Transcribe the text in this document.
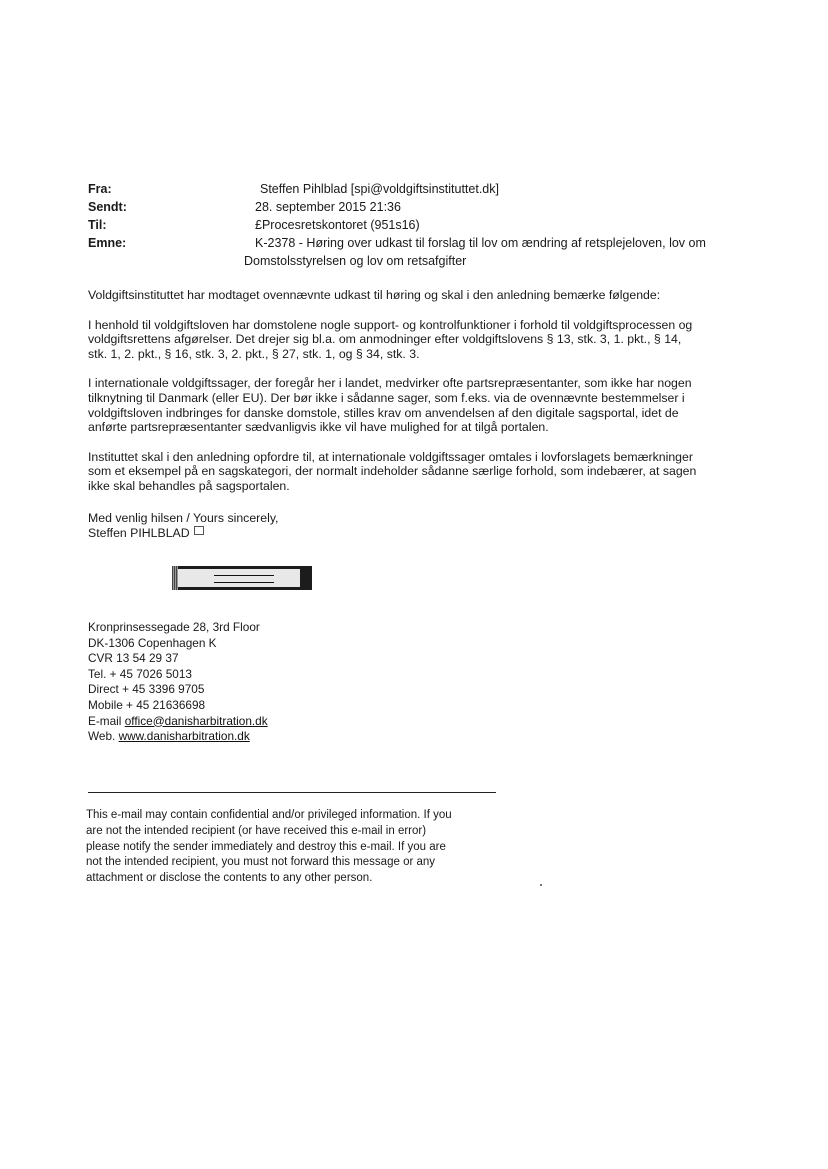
Fra:	Steffen Pihlblad [spi@voldgiftsinstituttet.dk]
Sendt:	28. september 2015 21:36
Til:	£Procesretskontoret (951s16)
Emne:	K-2378 - Høring over udkast til forslag til lov om ændring af retsplejeloven, lov om
Domstolsstyrelsen og lov om retsafgifter

Voldgiftsinstituttet har modtaget ovennævnte udkast til høring og skal i den anledning bemærke følgende:

I henhold til voldgiftsloven har domstolene nogle support- og kontrolfunktioner i forhold til voldgiftsprocessen og
voldgiftsrettens afgørelser. Det drejer sig bl.a. om anmodninger efter voldgiftslovens § 13, stk. 3, 1. pkt., § 14,
stk. 1, 2. pkt., § 16, stk. 3, 2. pkt., § 27, stk. 1, og § 34, stk. 3.

I internationale voldgiftssager, der foregår her i landet, medvirker ofte partsrepræsentanter, som ikke har nogen
tilknytning til Danmark (eller EU). Der bør ikke i sådanne sager, som f.eks. via de ovennævnte bestemmelser i
voldgiftsloven indbringes for danske domstole, stilles krav om anvendelsen af den digitale sagsportal, idet de
anførte partsrepræsentanter sædvanligvis ikke vil have mulighed for at tilgå portalen.

Instituttet skal i den anledning opfordre til, at internationale voldgiftssager omtales i lovforslagets bemærkninger
som et eksempel på en sagskategori, der normalt indeholder sådanne særlige forhold, som indebærer, at sagen
ikke skal behandles på sagsportalen.

Med venlig hilsen / Yours sincerely,
Steffen PIHLBLAD
Kronprinsessegade 28, 3rd Floor
DK-1306 Copenhagen K
CVR 13 54 29 37
Tel. + 45 7026 5013
Direct + 45 3396 9705
Mobile + 45 21636698
E-mail office@danisharbitration.dk
Web. www.danisharbitration.dk
This e-mail may contain confidential and/or privileged information. If you
are not the intended recipient (or have received this e-mail in error)
please notify the sender immediately and destroy this e-mail. If you are
not the intended recipient, you must not forward this message or any
attachment or disclose the contents to any other person.
